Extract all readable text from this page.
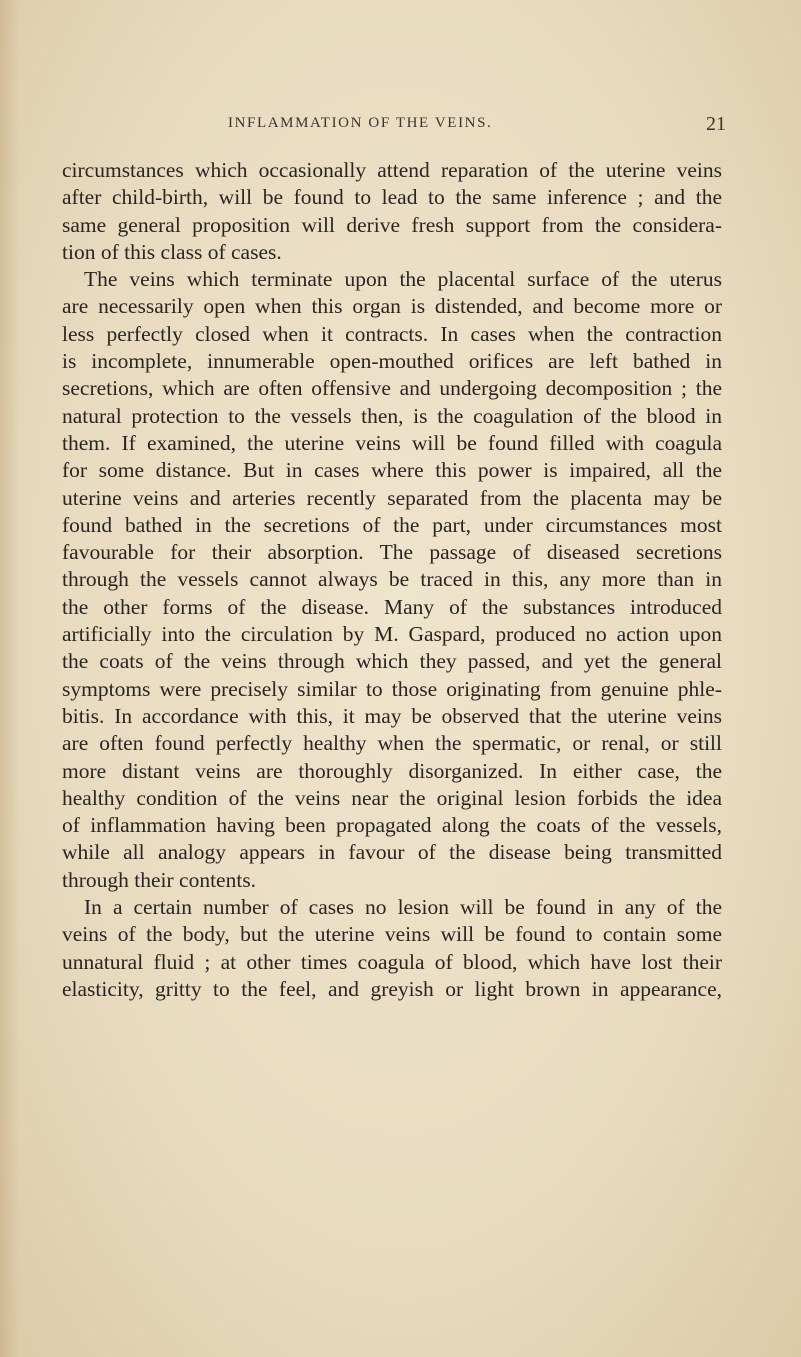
INFLAMMATION OF THE VEINS.	21
circumstances which occasionally attend reparation of the uterine veins
after child-birth, will be found to lead to the same inference ; and the
same general proposition will derive fresh support from the considera-
tion of this class of cases.
The veins which terminate upon the placental surface of the uterus
are necessarily open when this organ is distended, and become more or
less perfectly closed when it contracts. In cases when the contraction
is incomplete, innumerable open-mouthed orifices are left bathed in
secretions, which are often offensive and undergoing decomposition ; the
natural protection to the vessels then, is the coagulation of the blood in
them. If examined, the uterine veins will be found filled with coagula
for some distance. But in cases where this power is impaired, all the
uterine veins and arteries recently separated from the placenta may be
found bathed in the secretions of the part, under circumstances most
favourable for their absorption. The passage of diseased secretions
through the vessels cannot always be traced in this, any more than in
the other forms of the disease. Many of the substances introduced
artificially into the circulation by M. Gaspard, produced no action upon
the coats of the veins through which they passed, and yet the general
symptoms were precisely similar to those originating from genuine phle-
bitis. In accordance with this, it may be observed that the uterine veins
are often found perfectly healthy when the spermatic, or renal, or still
more distant veins are thoroughly disorganized. In either case, the
healthy condition of the veins near the original lesion forbids the idea
of inflammation having been propagated along the coats of the vessels,
while all analogy appears in favour of the disease being transmitted
through their contents.
In a certain number of cases no lesion will be found in any of the
veins of the body, but the uterine veins will be found to contain some
unnatural fluid ; at other times coagula of blood, which have lost their
elasticity, gritty to the feel, and greyish or light brown in appearance,
